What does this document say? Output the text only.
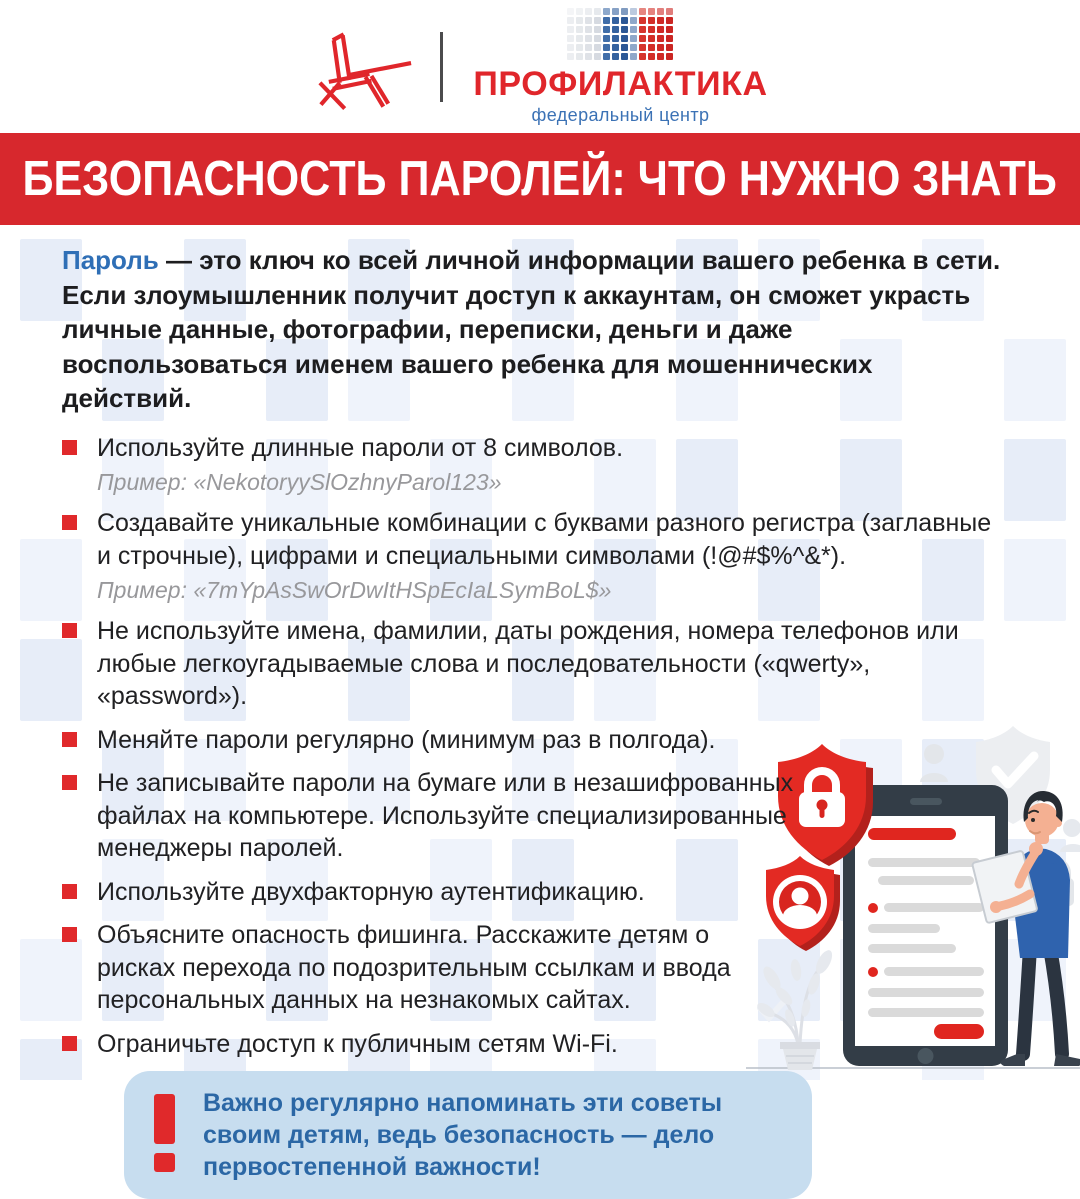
ПРОФИЛАКТИКА
федеральный центр
БЕЗОПАСНОСТЬ ПАРОЛЕЙ: ЧТО НУЖНО ЗНАТЬ

Пароль — это ключ ко всей личной информации вашего ребенка в сети. Если злоумышленник получит доступ к аккаунтам, он сможет украсть личные данные, фотографии, переписки, деньги и даже воспользоваться именем вашего ребенка для мошеннических действий.

Используйте длинные пароли от 8 символов.
Пример: «NekotoryySlOzhnyParol123»
Создавайте уникальные комбинации с буквами разного регистра (заглавные и строчные), цифрами и специальными символами (!@#$%^&*).
Пример: «7mYpAsSwOrDwItHSpEcIaLSymBoL$»
Не используйте имена, фамилии, даты рождения, номера телефонов или любые легкоугадываемые слова и последовательности («qwerty», «password»).
Меняйте пароли регулярно (минимум раз в полгода).
Не записывайте пароли на бумаге или в незашифрованных файлах на компьютере. Используйте специализированные менеджеры паролей.
Используйте двухфакторную аутентификацию.
Объясните опасность фишинга. Расскажите детям о рисках перехода по подозрительным ссылкам и ввода персональных данных на незнакомых сайтах.
Ограничьте доступ к публичным сетям Wi-Fi.
Важно регулярно напоминать эти советы своим детям, ведь безопасность — дело первостепенной важности!
